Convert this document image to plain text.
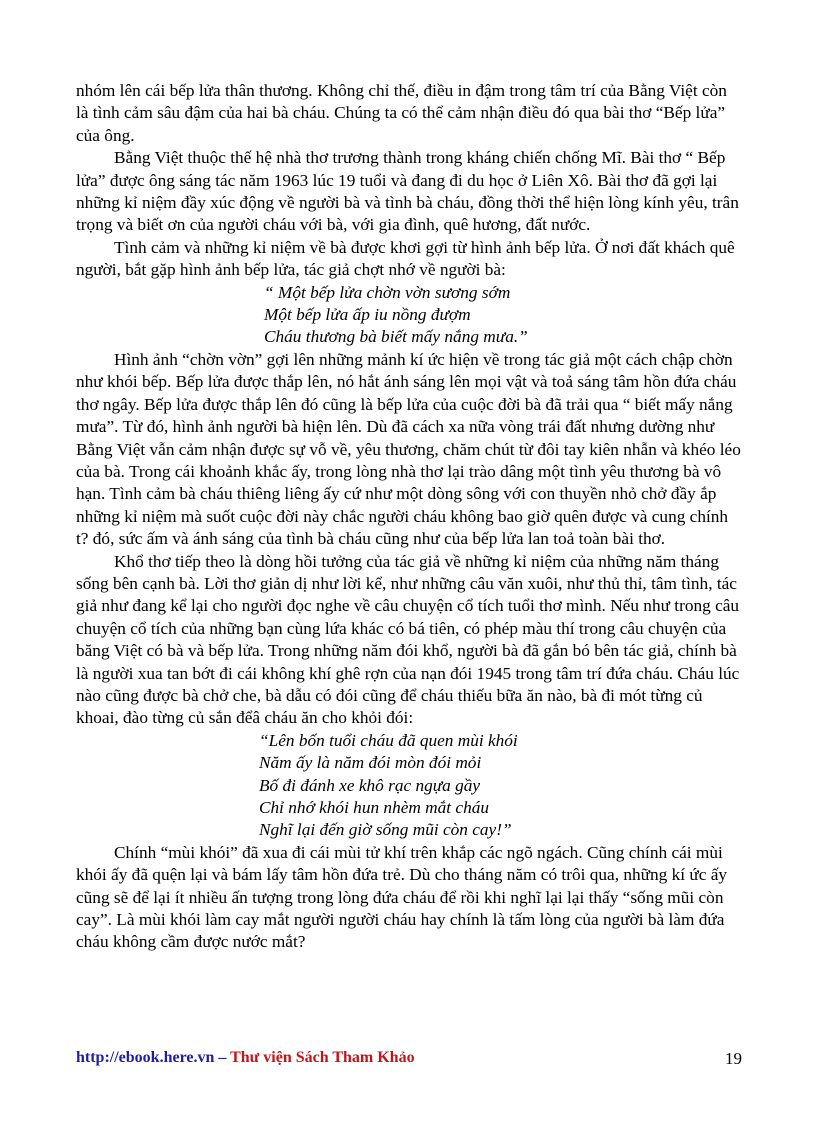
nhóm lên cái bếp lửa thân thương. Không chỉ thế, điều in đậm trong tâm trí của Bằng Việt còn là tình cảm sâu đậm của hai bà cháu. Chúng ta có thể cảm nhận điều đó qua bài thơ “Bếp lửa” của ông.

Bằng Việt thuộc thế hệ nhà thơ trương thành trong kháng chiến chống Mĩ. Bài thơ “ Bếp lửa” được ông sáng tác năm 1963 lúc 19 tuổi và đang đi du học ở Liên Xô. Bài thơ đã gợi lại những kỉ niệm đầy xúc động về người bà và tình bà cháu, đồng thời thể hiện lòng kính yêu, trân trọng và biết ơn của người cháu với bà, với gia đình, quê hương, đất nước.

Tình cảm và những kỉ niệm về bà được khơi gợi từ hình ảnh bếp lửa. Ở nơi đất khách quê người, bắt gặp hình ảnh bếp lửa, tác giả chợt nhớ về người bà:

“ Một bếp lửa chờn vờn sương sớm
Một bếp lửa ấp iu nồng đượm
Cháu thương bà biết mấy nắng mưa.”

Hình ảnh “chờn vờn” gợi lên những mảnh kí ức hiện về trong tác giả một cách chập chờn như khói bếp. Bếp lửa được thắp lên, nó hắt ánh sáng lên mọi vật và toả sáng tâm hồn đứa cháu thơ ngây. Bếp lửa được thắp lên đó cũng là bếp lửa của cuộc đời bà đã trải qua “ biết mấy nắng mưa”. Từ đó, hình ảnh người bà hiện lên. Dù đã cách xa nữa vòng trái đất nhưng dường như Bằng Việt vẫn cảm nhận được sự vỗ về, yêu thương, chăm chút từ đôi tay kiên nhẫn và khéo léo của bà. Trong cái khoảnh khắc ấy, trong lòng nhà thơ lại trào dâng một tình yêu thương bà vô hạn. Tình cảm bà cháu thiêng liêng ấy cứ như một dòng sông với con thuyền nhỏ chở đầy ắp những kỉ niệm mà suốt cuộc đời này chắc người cháu không bao giờ quên được và cung chính

t? đó, sức ấm và ánh sáng của tình bà cháu cũng như của bếp lửa lan toả toàn bài thơ.

Khổ thơ tiếp theo là dòng hồi tưởng của tác giả về những kỉ niệm của những năm tháng sống bên cạnh bà. Lời thơ giản dị như lời kể, như những câu văn xuôi, như thủ thỉ, tâm tình, tác giả như đang kể lại cho người đọc nghe về câu chuyện cổ tích tuổi thơ mình. Nếu như trong câu chuyện cổ tích của những bạn cùng lứa khác có bá tiên, có phép màu thí trong câu chuyện của băng Việt có bà và bếp lửa. Trong những năm đói khổ, người bà đã gắn bó bên tác giả, chính bà là người xua tan bớt đi cái không khí ghê rợn của nạn đói 1945 trong tâm trí đứa cháu. Cháu lúc nào cũng được bà chở che, bà dẫu có đói cũng để cháu thiếu bữa ăn nào, bà đi mót từng củ khoai, đào từng củ sắn đểâ cháu ăn cho khỏi đói:

“Lên bốn tuổi cháu đã quen mùi khói
Năm ấy là năm đói mòn đói mỏi
Bố đi đánh xe khô rạc ngựa gầy
Chỉ nhớ khói hun nhèm mắt cháu
Nghĩ lại đến giờ sống mũi còn cay!”

Chính “mùi khói” đã xua đi cái mùi tử khí trên khắp các ngõ ngách. Cũng chính cái mùi khói ấy đã quện lại và bám lấy tâm hồn đứa trẻ. Dù cho tháng năm có trôi qua, những kí ức ấy cũng sẽ để lại ít nhiều ấn tượng trong lòng đứa cháu để rồi khi nghĩ lại lại thấy “sống mũi còn cay”. Là mùi khói làm cay mắt người người cháu hay chính là tấm lòng của người bà làm đứa cháu không cầm được nước mắt?

http://ebook.here.vn – Thư viện Sách Tham Khảo	19
